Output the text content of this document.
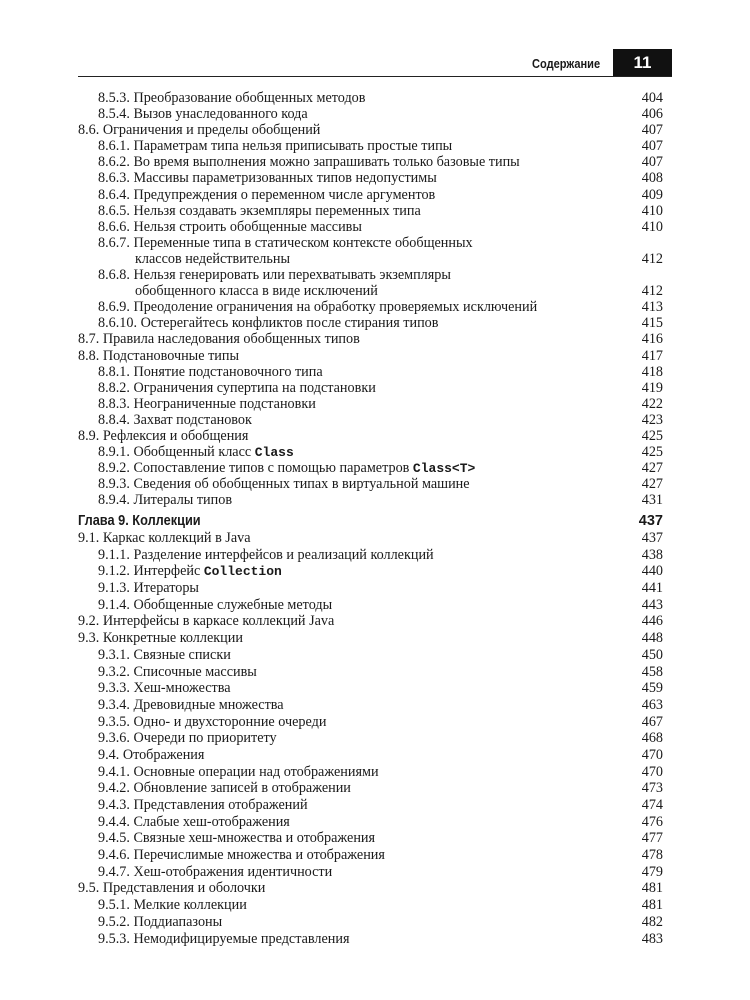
Содержание	11
8.5.3. Преобразование обобщенных методов	404
8.5.4. Вызов унаследованного кода	406
8.6. Ограничения и пределы обобщений	407
8.6.1. Параметрам типа нельзя приписывать простые типы	407
8.6.2. Во время выполнения можно запрашивать только базовые типы	407
8.6.3. Массивы параметризованных типов недопустимы	408
8.6.4. Предупреждения о переменном числе аргументов	409
8.6.5. Нельзя создавать экземпляры переменных типа	410
8.6.6. Нельзя строить обобщенные массивы	410
8.6.7. Переменные типа в статическом контексте обобщенных
классов недействительны	412
8.6.8. Нельзя генерировать или перехватывать экземпляры
обобщенного класса в виде исключений	412
8.6.9. Преодоление ограничения на обработку проверяемых исключений	413
8.6.10. Остерегайтесь конфликтов после стирания типов	415
8.7. Правила наследования обобщенных типов	416
8.8. Подстановочные типы	417
8.8.1. Понятие подстановочного типа	418
8.8.2. Ограничения супертипа на подстановки	419
8.8.3. Неограниченные подстановки	422
8.8.4. Захват подстановок	423
8.9. Рефлексия и обобщения	425
8.9.1. Обобщенный класс Class	425
8.9.2. Сопоставление типов с помощью параметров Class<T>	427
8.9.3. Сведения об обобщенных типах в виртуальной машине	427
8.9.4. Литералы типов	431
Глава 9. Коллекции	437
9.1. Каркас коллекций в Java	437
9.1.1. Разделение интерфейсов и реализаций коллекций	438
9.1.2. Интерфейс Collection	440
9.1.3. Итераторы	441
9.1.4. Обобщенные служебные методы	443
9.2. Интерфейсы в каркасе коллекций Java	446
9.3. Конкретные коллекции	448
9.3.1. Связные списки	450
9.3.2. Списочные массивы	458
9.3.3. Хеш-множества	459
9.3.4. Древовидные множества	463
9.3.5. Одно- и двухсторонние очереди	467
9.3.6. Очереди по приоритету	468
9.4. Отображения	470
9.4.1. Основные операции над отображениями	470
9.4.2. Обновление записей в отображении	473
9.4.3. Представления отображений	474
9.4.4. Слабые хеш-отображения	476
9.4.5. Связные хеш-множества и отображения	477
9.4.6. Перечислимые множества и отображения	478
9.4.7. Хеш-отображения идентичности	479
9.5. Представления и оболочки	481
9.5.1. Мелкие коллекции	481
9.5.2. Поддиапазоны	482
9.5.3. Немодифицируемые представления	483
